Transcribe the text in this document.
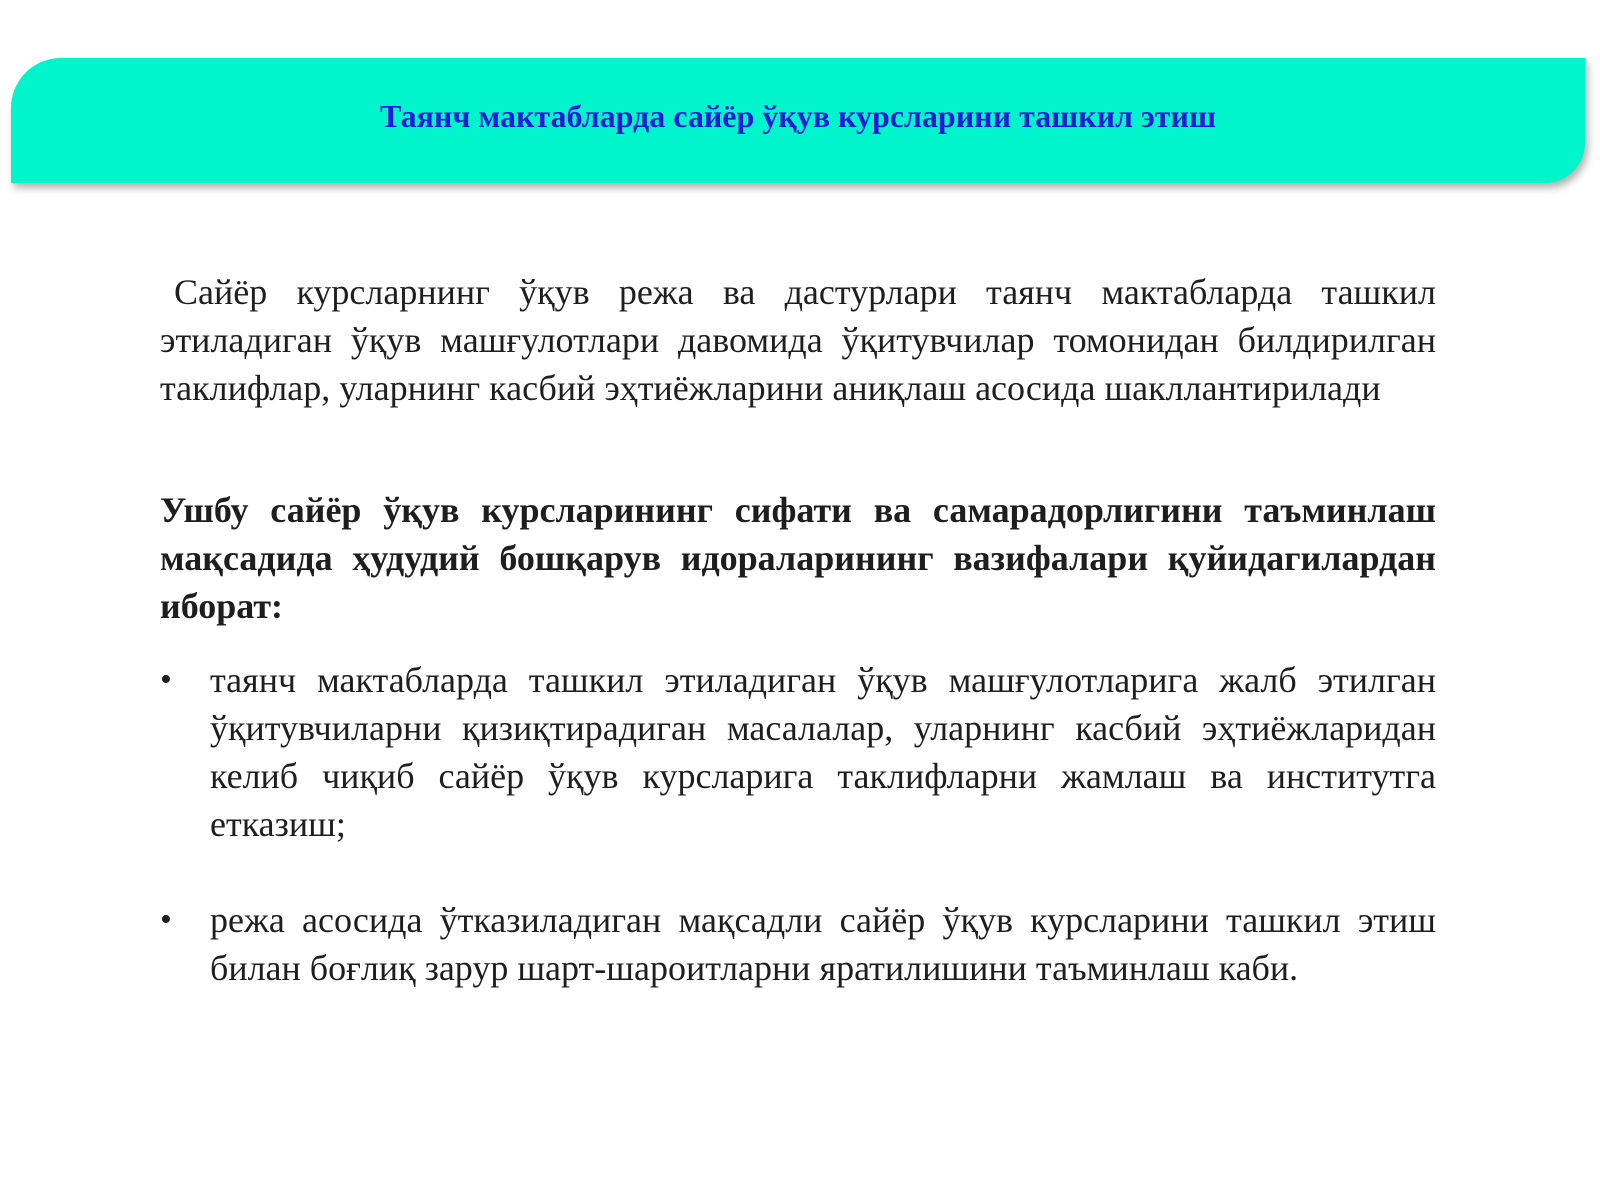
Таянч мактабларда сайёр ўқув курсларини ташкил этиш

Сайёр курсларнинг ўқув режа ва дастурлари таянч мактабларда ташкил этиладиган ўқув машғулотлари давомида ўқитувчилар томонидан билдирилган таклифлар, уларнинг касбий эҳтиёжларини аниқлаш асосида шакллантирилади

Ушбу сайёр ўқув курсларининг сифати ва самарадорлигини таъминлаш мақсадида ҳудудий бошқарув идораларининг вазифалари қуйидагилардан иборат:

•	таянч мактабларда ташкил этиладиган ўқув машғулотларига жалб этилган ўқитувчиларни қизиқтирадиган масалалар, уларнинг касбий эҳтиёжларидан келиб чиқиб сайёр ўқув курсларига таклифларни жамлаш ва институтга етказиш;
•	режа асосида ўтказиладиган мақсадли сайёр ўқув курсларини ташкил этиш билан боғлиқ зарур шарт-шароитларни яратилишини таъминлаш каби.
